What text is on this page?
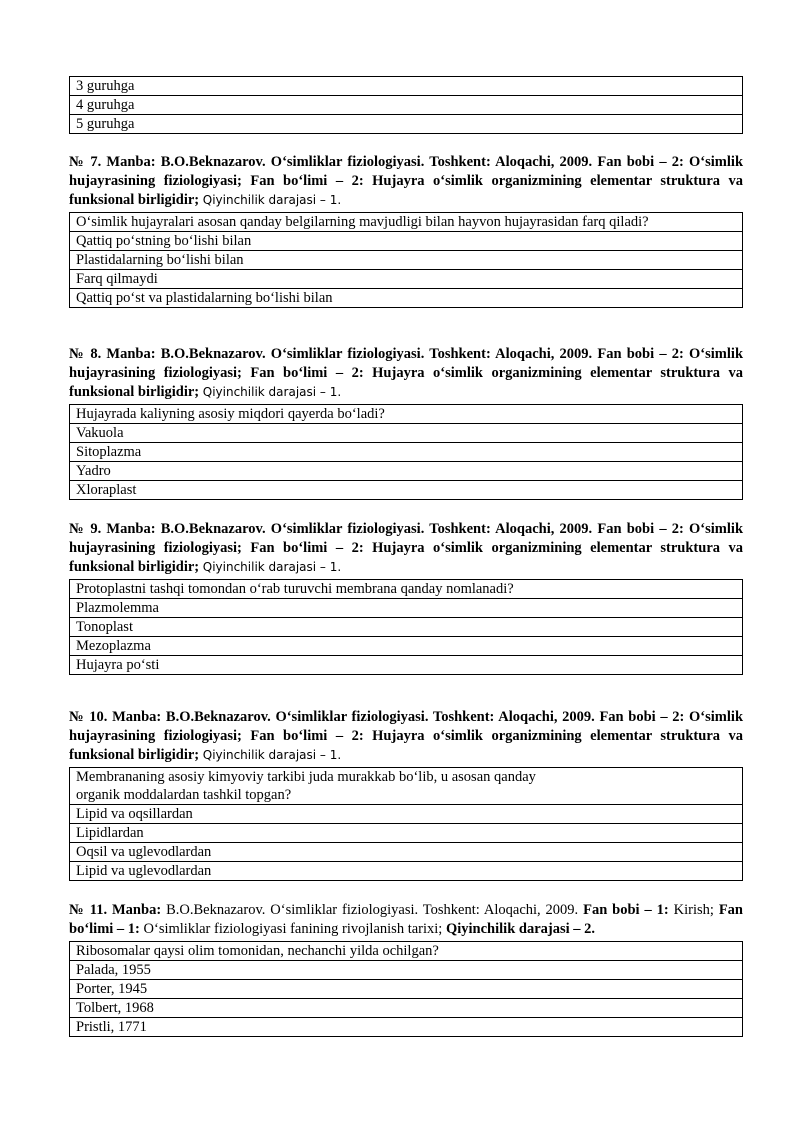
3 guruhga
4 guruhga
5 guruhga
№ 7. Manba: B.O.Beknazarov. O‘simliklar fiziologiyasi. Toshkent: Aloqachi, 2009. Fan bobi – 2: O‘simlik hujayrasining fiziologiyasi; Fan bo‘limi – 2: Hujayra o‘simlik organizmining elementar struktura va funksional birligidir; Qiyinchilik darajasi – 1.
O‘simlik hujayralari asosan qanday belgilarning mavjudligi bilan hayvon hujayrasidan farq qiladi?
Qattiq po‘stning bo‘lishi bilan
Plastidalarning bo‘lishi bilan
Farq qilmaydi
Qattiq po‘st va plastidalarning bo‘lishi bilan
№ 8. Manba: B.O.Beknazarov. O‘simliklar fiziologiyasi. Toshkent: Aloqachi, 2009. Fan bobi – 2: O‘simlik hujayrasining fiziologiyasi; Fan bo‘limi – 2: Hujayra o‘simlik organizmining elementar struktura va funksional birligidir; Qiyinchilik darajasi – 1.
Hujayrada kaliyning asosiy miqdori qayerda bo‘ladi?
Vakuola
Sitoplazma
Yadro
Xloraplast
№ 9. Manba: B.O.Beknazarov. O‘simliklar fiziologiyasi. Toshkent: Aloqachi, 2009. Fan bobi – 2: O‘simlik hujayrasining fiziologiyasi; Fan bo‘limi – 2: Hujayra o‘simlik organizmining elementar struktura va funksional birligidir; Qiyinchilik darajasi – 1.
Protoplastni tashqi tomondan o‘rab turuvchi membrana qanday nomlanadi?
Plazmolemma
Tonoplast
Mezoplazma
Hujayra po‘sti
№ 10. Manba: B.O.Beknazarov. O‘simliklar fiziologiyasi. Toshkent: Aloqachi, 2009. Fan bobi – 2: O‘simlik hujayrasining fiziologiyasi; Fan bo‘limi – 2: Hujayra o‘simlik organizmining elementar struktura va funksional birligidir; Qiyinchilik darajasi – 1.
Membrananing asosiy kimyoviy tarkibi juda murakkab bo‘lib, u asosan qanday
organik moddalardan tashkil topgan?

Lipid va oqsillardan
Lipidlardan
Oqsil va uglevodlardan
Lipid va uglevodlardan
№ 11. Manba: B.O.Beknazarov. O‘simliklar fiziologiyasi. Toshkent: Aloqachi, 2009. Fan bobi – 1: Kirish; Fan bo‘limi – 1: O‘simliklar fiziologiyasi fanining rivojlanish tarixi; Qiyinchilik darajasi – 2.
Ribosomalar qaysi olim tomonidan, nechanchi yilda ochilgan?
Palada, 1955
Porter, 1945
Tolbert, 1968
Pristli, 1771
